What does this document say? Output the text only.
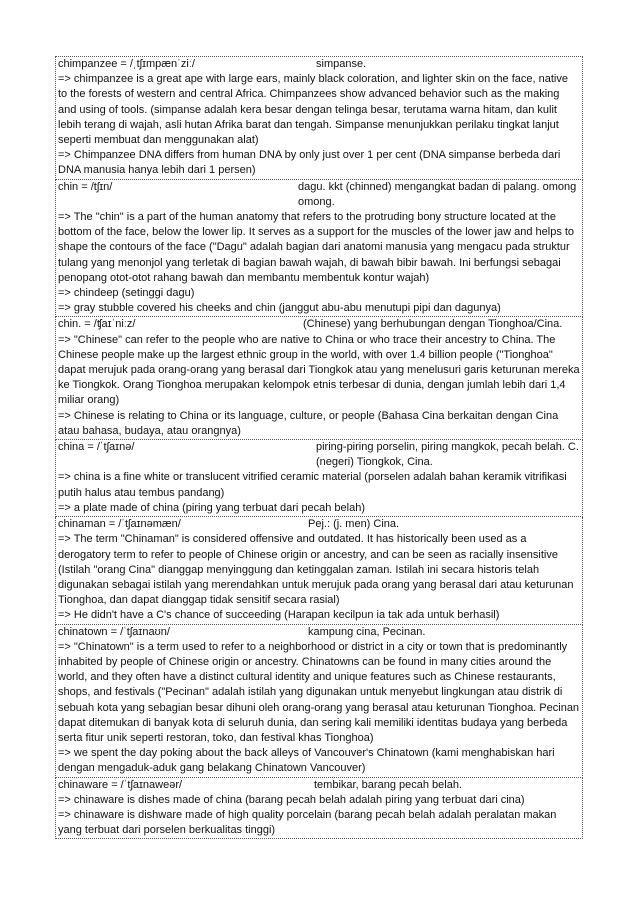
chimpanzee = /ˌtʃɪmpænˈziː/	simpanse.
=> chimpanzee is a great ape with large ears, mainly black coloration, and lighter skin on the face, native to the forests of western and central Africa. Chimpanzees show advanced behavior such as the making and using of tools. (simpanse adalah kera besar dengan telinga besar, terutama warna hitam, dan kulit lebih terang di wajah, asli hutan Afrika barat dan tengah. Simpanse menunjukkan perilaku tingkat lanjut seperti membuat dan menggunakan alat)
=> Chimpanzee DNA differs from human DNA by only just over 1 per cent (DNA simpanse berbeda dari DNA manusia hanya lebih dari 1 persen)
chin = /tʃɪn/	dagu. kkt (chinned) mengangkat badan di palang. omong omong.
=> The "chin" is a part of the human anatomy that refers to the protruding bony structure located at the bottom of the face, below the lower lip. It serves as a support for the muscles of the lower jaw and helps to shape the contours of the face ("Dagu" adalah bagian dari anatomi manusia yang mengacu pada struktur tulang yang menonjol yang terletak di bagian bawah wajah, di bawah bibir bawah. Ini berfungsi sebagai penopang otot-otot rahang bawah dan membantu membentuk kontur wajah)
=> chindeep (setinggi dagu)
=> gray stubble covered his cheeks and chin (janggut abu-abu menutupi pipi dan dagunya)
chin. = /ʧaɪˈniːz/	(Chinese) yang berhubungan dengan Tionghoa/Cina.
=> "Chinese" can refer to the people who are native to China or who trace their ancestry to China. The Chinese people make up the largest ethnic group in the world, with over 1.4 billion people ("Tionghoa" dapat merujuk pada orang-orang yang berasal dari Tiongkok atau yang menelusuri garis keturunan mereka ke Tiongkok. Orang Tionghoa merupakan kelompok etnis terbesar di dunia, dengan jumlah lebih dari 1,4 miliar orang)
=> Chinese is relating to China or its language, culture, or people (Bahasa Cina berkaitan dengan Cina atau bahasa, budaya, atau orangnya)
china = /ˈtʃaɪnə/	piring-piring porselin, piring mangkok, pecah belah. C. (negeri) Tiongkok, Cina.
=> china is a fine white or translucent vitrified ceramic material (porselen adalah bahan keramik vitrifikasi putih halus atau tembus pandang)
=> a plate made of china (piring yang terbuat dari pecah belah)
chinaman = /ˈtʃaɪnəmæn/	Pej.: (j. men) Cina.
=> The term "Chinaman" is considered offensive and outdated. It has historically been used as a derogatory term to refer to people of Chinese origin or ancestry, and can be seen as racially insensitive (Istilah "orang Cina" dianggap menyinggung dan ketinggalan zaman. Istilah ini secara historis telah digunakan sebagai istilah yang merendahkan untuk merujuk pada orang yang berasal dari atau keturunan Tionghoa, dan dapat dianggap tidak sensitif secara rasial)
=> He didn't have a C's chance of succeeding (Harapan kecilpun ia tak ada untuk berhasil)
chinatown = /ˈtʃaɪnaʊn/	kampung cina, Pecinan.
=> "Chinatown" is a term used to refer to a neighborhood or district in a city or town that is predominantly inhabited by people of Chinese origin or ancestry. Chinatowns can be found in many cities around the world, and they often have a distinct cultural identity and unique features such as Chinese restaurants, shops, and festivals ("Pecinan" adalah istilah yang digunakan untuk menyebut lingkungan atau distrik di sebuah kota yang sebagian besar dihuni oleh orang-orang yang berasal atau keturunan Tionghoa. Pecinan dapat ditemukan di banyak kota di seluruh dunia, dan sering kali memiliki identitas budaya yang berbeda serta fitur unik seperti restoran, toko, dan festival khas Tionghoa)
=> we spent the day poking about the back alleys of Vancouver's Chinatown (kami menghabiskan hari dengan mengaduk-aduk gang belakang Chinatown Vancouver)
chinaware = /ˈtʃaɪnaweər/	tembikar, barang pecah belah.
=> chinaware is dishes made of china (barang pecah belah adalah piring yang terbuat dari cina)
=> chinaware is dishware made of high quality porcelain (barang pecah belah adalah peralatan makan yang terbuat dari porselen berkualitas tinggi)
